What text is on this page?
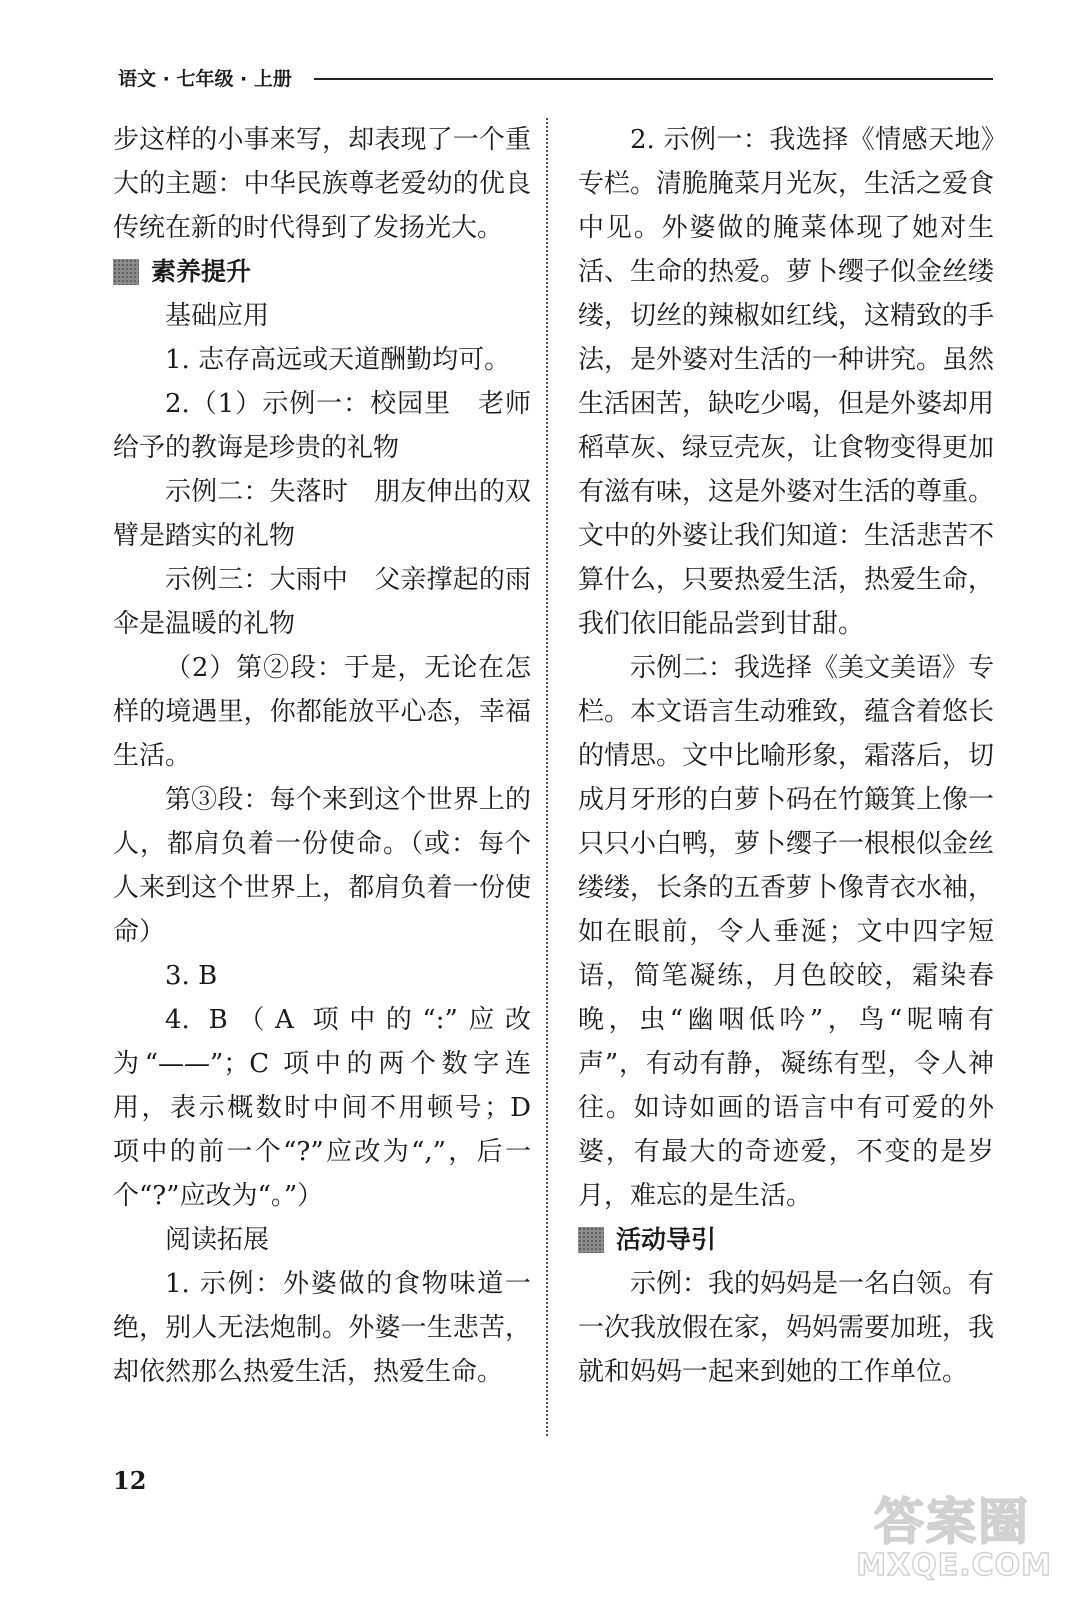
语文 · 七年级 · 上册

步这样的小事来写，却表现了一个重大的主题：中华民族尊老爱幼的优良传统在新的时代得到了发扬光大。

素养提升

基础应用

1. 志存高远或天道酬勤均可。

2.（1）示例一：校园里　老师给予的教诲是珍贵的礼物

示例二：失落时　朋友伸出的双臂是踏实的礼物

示例三：大雨中　父亲撑起的雨伞是温暖的礼物

（2）第②段：于是，无论在怎样的境遇里，你都能放平心态，幸福生活。

第③段：每个来到这个世界上的人，都肩负着一份使命。（或：每个人来到这个世界上，都肩负着一份使命）

3. B

4. B（A 项中的“:”应改为“——”；C 项中的两个数字连用，表示概数时中间不用顿号；D 项中的前一个“?”应改为“,”，后一个“?”应改为“。”）

阅读拓展

1. 示例：外婆做的食物味道一绝，别人无法炮制。外婆一生悲苦，却依然那么热爱生活，热爱生命。

2. 示例一：我选择《情感天地》专栏。清脆腌菜月光灰，生活之爱食中见。外婆做的腌菜体现了她对生活、生命的热爱。萝卜缨子似金丝缕缕，切丝的辣椒如红线，这精致的手法，是外婆对生活的一种讲究。虽然生活困苦，缺吃少喝，但是外婆却用稻草灰、绿豆壳灰，让食物变得更加有滋有味，这是外婆对生活的尊重。文中的外婆让我们知道：生活悲苦不算什么，只要热爱生活，热爱生命，我们依旧能品尝到甘甜。

示例二：我选择《美文美语》专栏。本文语言生动雅致，蕴含着悠长的情思。文中比喻形象，霜落后，切成月牙形的白萝卜码在竹簸箕上像一只只小白鸭，萝卜缨子一根根似金丝缕缕，长条的五香萝卜像青衣水袖，如在眼前，令人垂涎；文中四字短语，简笔凝练，月色皎皎，霜染春晚，虫“幽咽低吟”，鸟“呢喃有声”，有动有静，凝练有型，令人神往。如诗如画的语言中有可爱的外婆，有最大的奇迹爱，不变的是岁月，难忘的是生活。

活动导引

示例：我的妈妈是一名白领。有一次我放假在家，妈妈需要加班，我就和妈妈一起来到她的工作单位。

12
答案圈
MXQE.COM
